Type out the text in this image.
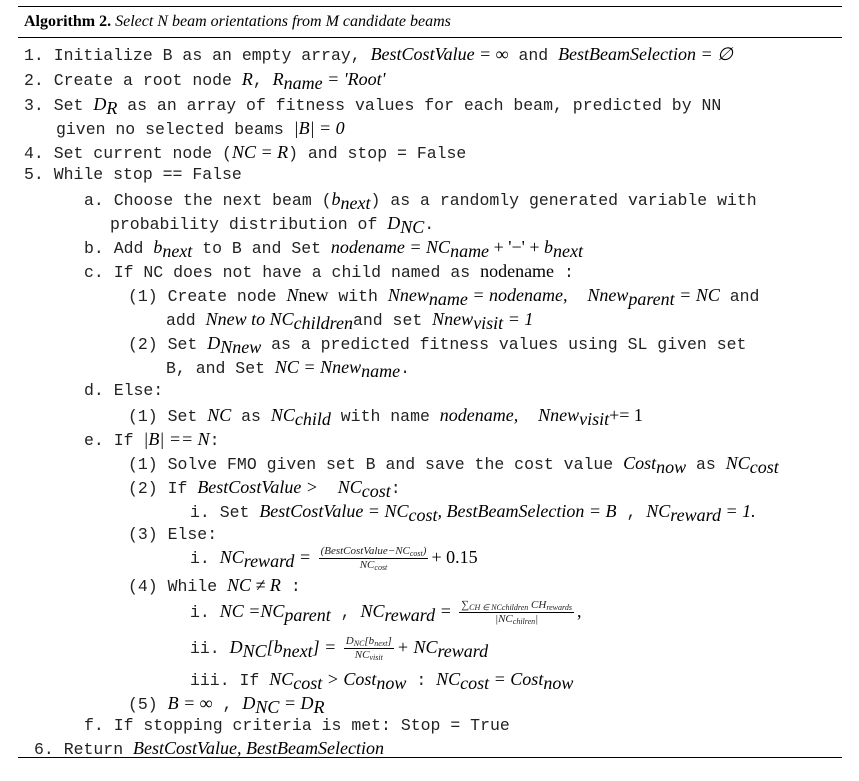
Algorithm 2. Select N beam orientations from M candidate beams
1. Initialize B as an empty array, BestCostValue = ∞ and BestBeamSelection = ∅
2. Create a root node R, $R_{name}$ = 'Root'
3. Set $D_R$ as an array of fitness values for each beam, predicted by NN
given no selected beams |B| = 0
4. Set current node (NC = R) and stop = False
5. While stop == False
a. Choose the next beam $(b_{next})$ as a randomly generated variable with
probability distribution of $D_{NC}$.
b. Add $b_{next}$ to B and Set nodename = $NC_{name}$ + '−' + $b_{next}$
c. If NC does not have a child named as nodename :
(1) Create node Nnew with Nnew$_{name}$ = nodename, Nnew$_{parent}$ = NC and
add Nnew to $NC_{children}and$ set Nnew$_{visit}$ = 1
(2) Set $D_{Nnew}$ as a predicted fitness values using SL given set
B, and Set NC = Nnew$_{name}$.
d. Else:
(1) Set NC as $NC_{child}$ with name nodename, Nnew$_{visit}$+= 1
e. If |B| == N:
(1) Solve FMO given set B and save the cost value Cost$_{now}$ as $NC_{cost}$
(2) If BestCostValue > $NC_{cost}$:
i. Set BestCostValue = $NC_{cost}$, BestBeamSelection = B , $NC_{reward} = 1$.
(3) Else:
i. $NC_{reward} = \frac{(BestCostValue-NC_{cost})}{NC_{cost}} + 0.15$
(4) While NC ≠ R :
i. NC $=NC_{parent}$ , $NC_{reward} = \frac{\sum_{CH \in NCchildren} CH_{rewards}}{|NC_{chilren}|}$ ,
ii. $D_{NC}[b_{next}] = \frac{D_{NC}[b_{next}]}{NC_{visit}} + NC_{reward}$
iii. If $NC_{cost}$ > Cost$_{now}$ : $NC_{cost}$ = Cost$_{now}$
(5) B = ∞ , $D_{NC} = D_R$
f. If stopping criteria is met: Stop = True
6. Return BestCostValue, BestBeamSelection
